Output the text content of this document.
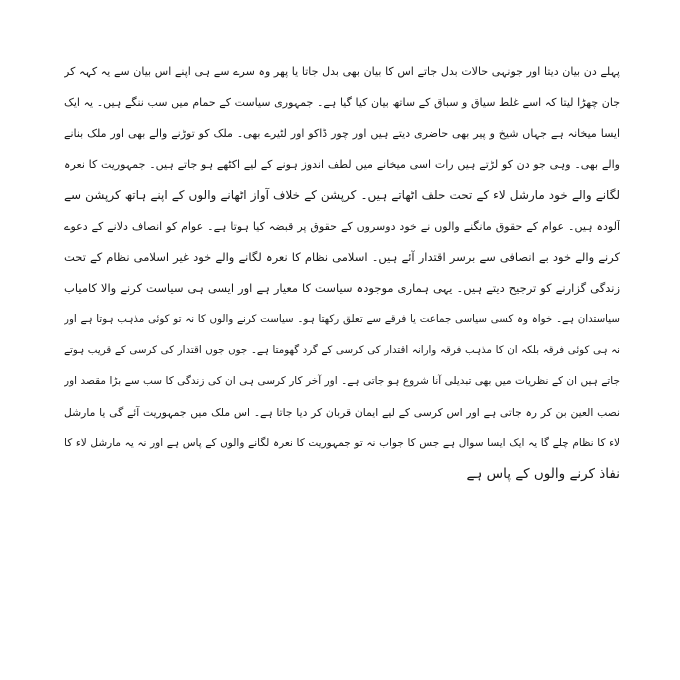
پہلے دن بیان دیتا اور جونہی حالات بدل جاتے اس کا بیان بھی بدل جاتا یا پھر وہ سرے سے ہی اپنے اس بیان سے یہ کہہ کر
جان چھڑا لیتا کہ اسے غلط سیاق و سباق کے ساتھ بیان کیا گیا ہے۔ جمہوری سیاست کے حمام میں سب ننگے ہیں۔ یہ ایک
ایسا میخانہ ہے جہاں شیخ و پیر بھی حاضری دیتے ہیں اور چور ڈاکو اور لٹیرے بھی۔ ملک کو توڑنے والے بھی اور ملک بنانے
والے بھی۔ وہی جو دن کو لڑتے ہیں رات اسی میخانے میں لطف اندوز ہونے کے لیے اکٹھے ہو جاتے ہیں۔ جمہوریت کا نعرہ
لگانے والے خود مارشل لاء کے تحت حلف اٹھاتے ہیں۔ کرپشن کے خلاف آواز اٹھانے والوں کے اپنے ہاتھ کرپشن سے
آلودہ ہیں۔ عوام کے حقوق مانگنے والوں نے خود دوسروں کے حقوق پر قبضہ کیا ہوتا ہے۔ عوام کو انصاف دلانے کے دعوے
کرنے والے خود بے انصافی سے برسر اقتدار آئے ہیں۔ اسلامی نظام کا نعرہ لگانے والے خود غیر اسلامی نظام کے تحت
زندگی گزارنے کو ترجیح دیتے ہیں۔ یہی ہماری موجودہ سیاست کا معیار ہے اور ایسی ہی سیاست کرنے والا کامیاب
سیاستدان ہے۔ خواہ وہ کسی سیاسی جماعت یا فرقے سے تعلق رکھتا ہو۔ سیاست کرنے والوں کا نہ تو کوئی مذہب ہوتا ہے اور
نہ ہی کوئی فرقہ بلکہ ان کا مذہب فرقہ وارانہ اقتدار کی کرسی کے گرد گھومتا ہے۔ جوں جوں اقتدار کی کرسی کے قریب ہوتے
جاتے ہیں ان کے نظریات میں بھی تبدیلی آنا شروع ہو جاتی ہے۔ اور آخر کار کرسی ہی ان کی زندگی کا سب سے بڑا مقصد اور
نصب العین بن کر رہ جاتی ہے اور اس کرسی کے لیے ایمان قربان کر دیا جاتا ہے۔ اس ملک میں جمہوریت آئے گی یا مارشل
لاء کا نظام چلے گا یہ ایک ایسا سوال ہے جس کا جواب نہ تو جمہوریت کا نعرہ لگانے والوں کے پاس ہے اور نہ یہ مارشل لاء کا
نفاذ کرنے والوں کے پاس ہے
